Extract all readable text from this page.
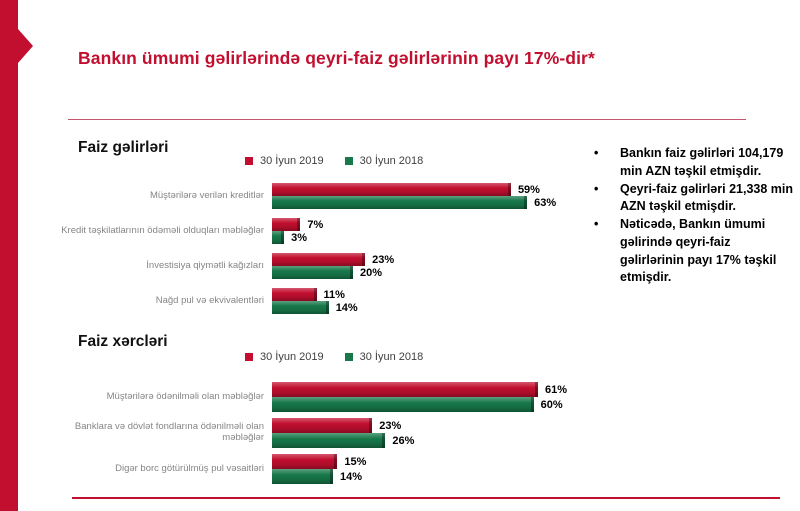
Bankın ümumi gəlirlərində qeyri-faiz gəlirlərinin payı 17%-dir*
Faiz gəlirləri
30 İyun 2019	30 İyun 2018
Müştərilərə verilən kreditlər	59%
63%
Kredit təşkilatlarının ödəməli olduqları məbləğlər	7%
3%
İnvestisiya qiymətli kağızları	23%
20%
Nağd pul və ekvivalentləri	11%
14%
Faiz xərcləri
30 İyun 2019	30 İyun 2018
Müştərilərə ödənilməli olan məbləğlər
61%
60%
Banklara və dövlət fondlarına ödənilməli olan məbləğlər
23%
26%
Digər borc götürülmüş pul vəsaitləri
15%
14%
•	Bankın faiz gəlirləri 104,179 min AZN təşkil etmişdir.
•	Qeyri-faiz gəlirləri 21,338 min AZN təşkil etmişdir.
•	Nəticədə, Bankın ümumi gəlirində qeyri-faiz gəlirlərinin payı 17% təşkil etmişdir.
